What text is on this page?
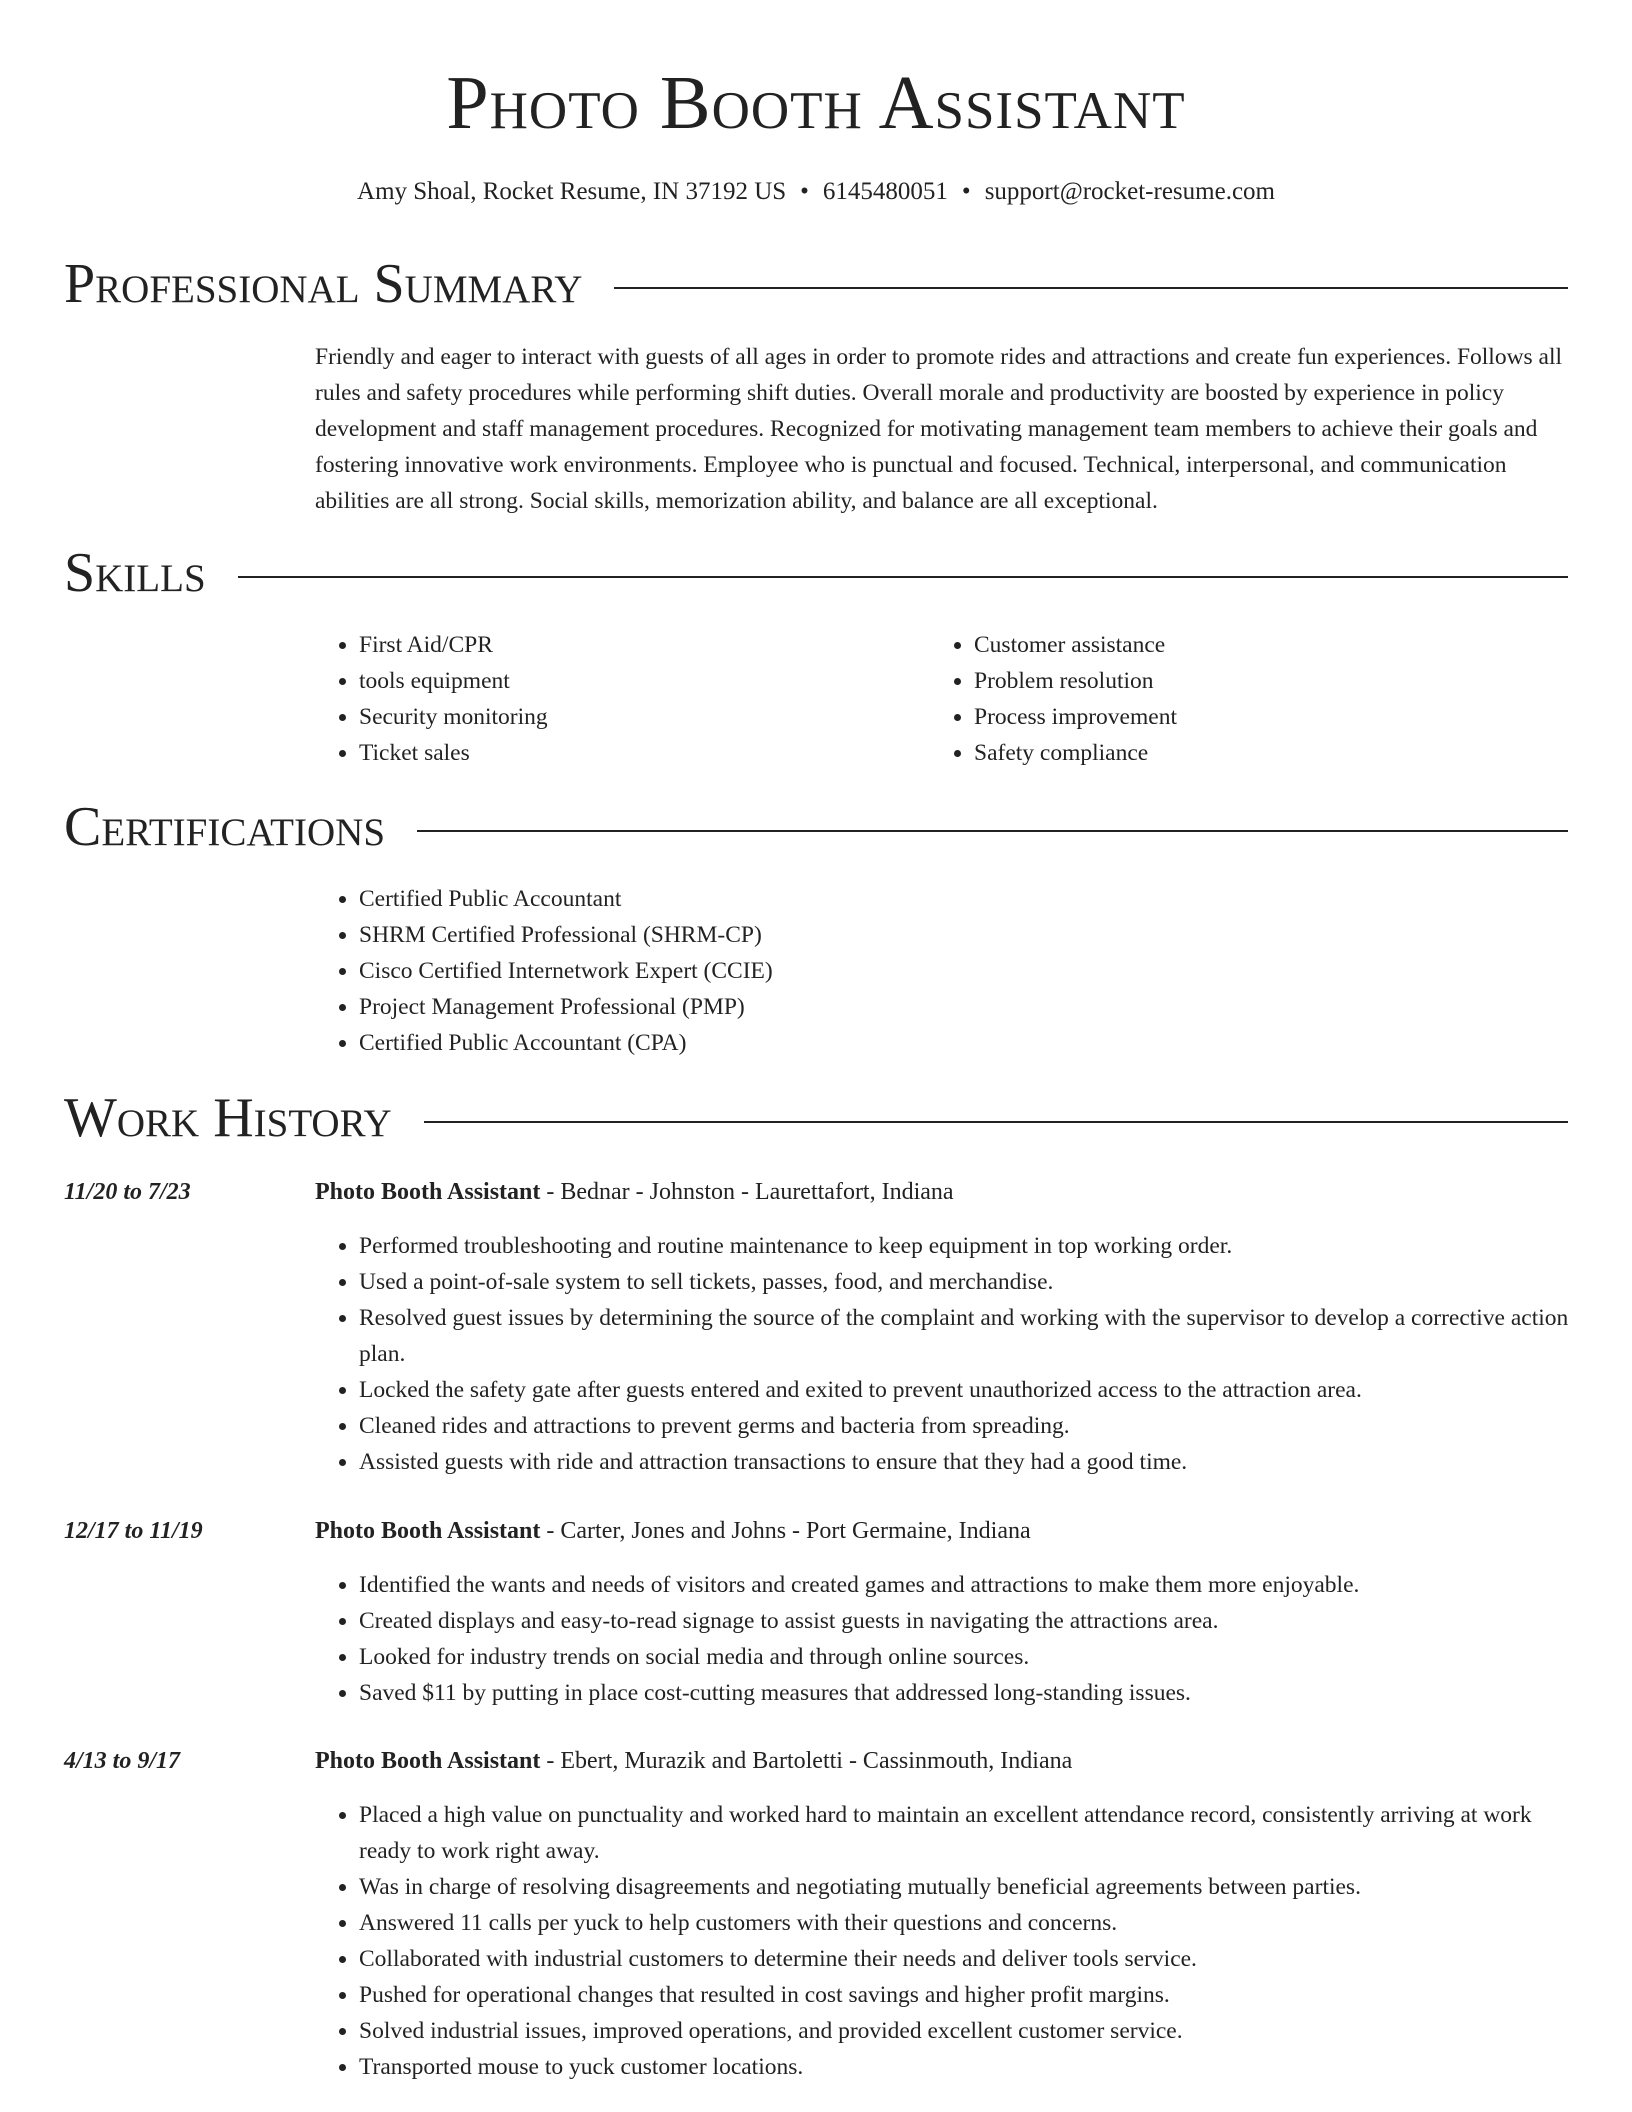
Photo Booth Assistant
Amy Shoal, Rocket Resume, IN 37192 US • 6145480051 • support@rocket-resume.com
Professional Summary

Friendly and eager to interact with guests of all ages in order to promote rides and attractions and create fun experiences. Follows all rules and safety procedures while performing shift duties. Overall morale and productivity are boosted by experience in policy development and staff management procedures. Recognized for motivating management team members to achieve their goals and fostering innovative work environments. Employee who is punctual and focused. Technical, interpersonal, and communication abilities are all strong. Social skills, memorization ability, and balance are all exceptional.

Skills
• First Aid/CPR
• tools equipment
• Security monitoring
• Ticket sales
• Customer assistance
• Problem resolution
• Process improvement
• Safety compliance
Certifications
• Certified Public Accountant
• SHRM Certified Professional (SHRM-CP)
• Cisco Certified Internetwork Expert (CCIE)
• Project Management Professional (PMP)
• Certified Public Accountant (CPA)
Work History
11/20 to 7/23	Photo Booth Assistant - Bednar - Johnston - Laurettafort, Indiana
• Performed troubleshooting and routine maintenance to keep equipment in top working order.
• Used a point-of-sale system to sell tickets, passes, food, and merchandise.
• Resolved guest issues by determining the source of the complaint and working with the supervisor to develop a corrective action plan.
• Locked the safety gate after guests entered and exited to prevent unauthorized access to the attraction area.
• Cleaned rides and attractions to prevent germs and bacteria from spreading.
• Assisted guests with ride and attraction transactions to ensure that they had a good time.
12/17 to 11/19	Photo Booth Assistant - Carter, Jones and Johns - Port Germaine, Indiana
• Identified the wants and needs of visitors and created games and attractions to make them more enjoyable.
• Created displays and easy-to-read signage to assist guests in navigating the attractions area.
• Looked for industry trends on social media and through online sources.
• Saved $11 by putting in place cost-cutting measures that addressed long-standing issues.
4/13 to 9/17	Photo Booth Assistant - Ebert, Murazik and Bartoletti - Cassinmouth, Indiana
• Placed a high value on punctuality and worked hard to maintain an excellent attendance record, consistently arriving at work ready to work right away.
• Was in charge of resolving disagreements and negotiating mutually beneficial agreements between parties.
• Answered 11 calls per yuck to help customers with their questions and concerns.
• Collaborated with industrial customers to determine their needs and deliver tools service.
• Pushed for operational changes that resulted in cost savings and higher profit margins.
• Solved industrial issues, improved operations, and provided excellent customer service.
• Transported mouse to yuck customer locations.
